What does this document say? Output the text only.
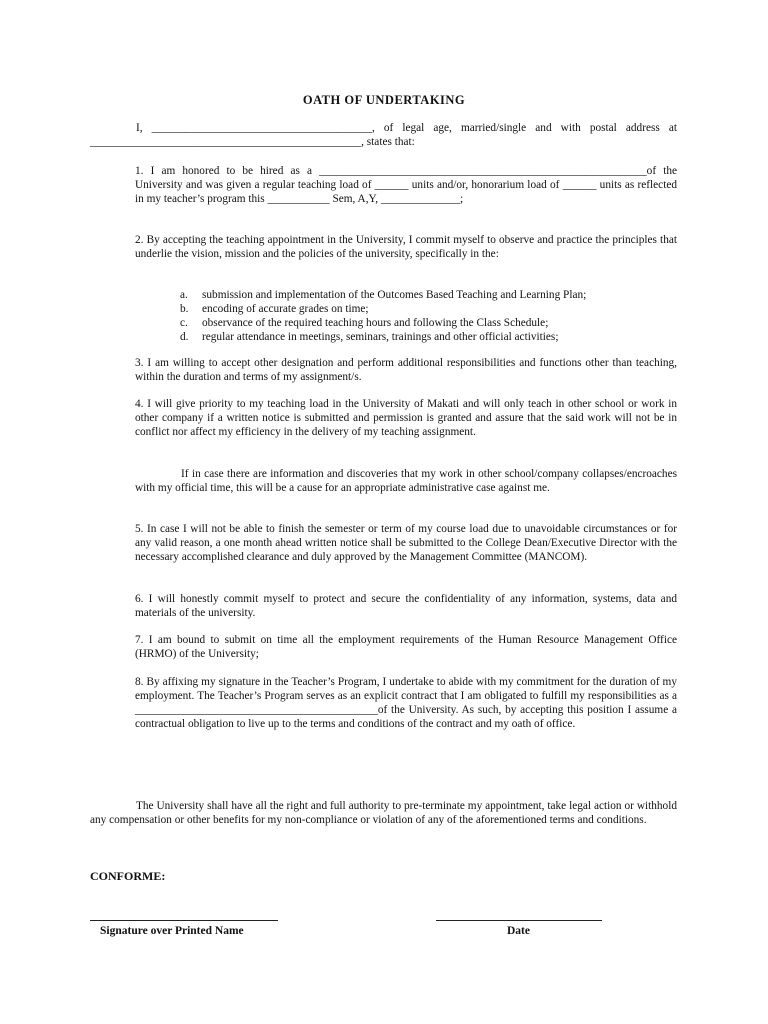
OATH OF UNDERTAKING
I, _______________________________________, of legal age, married/single and with postal address at ________________________________________________, states that:
1. I am honored to be hired as a __________________________________________________________of the University and was given a regular teaching load of ______ units and/or, honorarium load of ______ units as reflected in my teacher’s program this ___________ Sem, A,Y, ______________;
2. By accepting the teaching appointment in the University, I commit myself to observe and practice the principles that underlie the vision, mission and the policies of the university, specifically in the:
a.	submission and implementation of the Outcomes Based Teaching and Learning Plan;
b.	encoding of accurate grades on time;
c.	observance of the required teaching hours and following the Class Schedule;
d.	regular attendance in meetings, seminars, trainings and other official activities;
3. I am willing to accept other designation and perform additional responsibilities and functions other than teaching, within the duration and terms of my assignment/s.
4. I will give priority to my teaching load in the University of Makati and will only teach in other school or work in other company if a written notice is submitted and permission is granted and assure that the said work will not be in conflict nor affect my efficiency in the delivery of my teaching assignment.
If in case there are information and discoveries that my work in other school/company collapses/encroaches with my official time, this will be a cause for an appropriate administrative case against me.
5. In case I will not be able to finish the semester or term of my course load due to unavoidable circumstances or for any valid reason, a one month ahead written notice shall be submitted to the College Dean/Executive Director with the necessary accomplished clearance and duly approved by the Management Committee (MANCOM).
6. I will honestly commit myself to protect and secure the confidentiality of any information, systems, data and materials of the university.
7. I am bound to submit on time all the employment requirements of the Human Resource Management Office (HRMO) of the University;
8. By affixing my signature in the Teacher’s Program, I undertake to abide with my commitment for the duration of my employment. The Teacher’s Program serves as an explicit contract that I am obligated to fulfill my responsibilities as a ___________________________________________of the University. As such, by accepting this position I assume a contractual obligation to live up to the terms and conditions of the contract and my oath of office.
The University shall have all the right and full authority to pre-terminate my appointment, take legal action or withhold any compensation or other benefits for my non-compliance or violation of any of the aforementioned terms and conditions.
CONFORME:
Signature over Printed Name	Date
